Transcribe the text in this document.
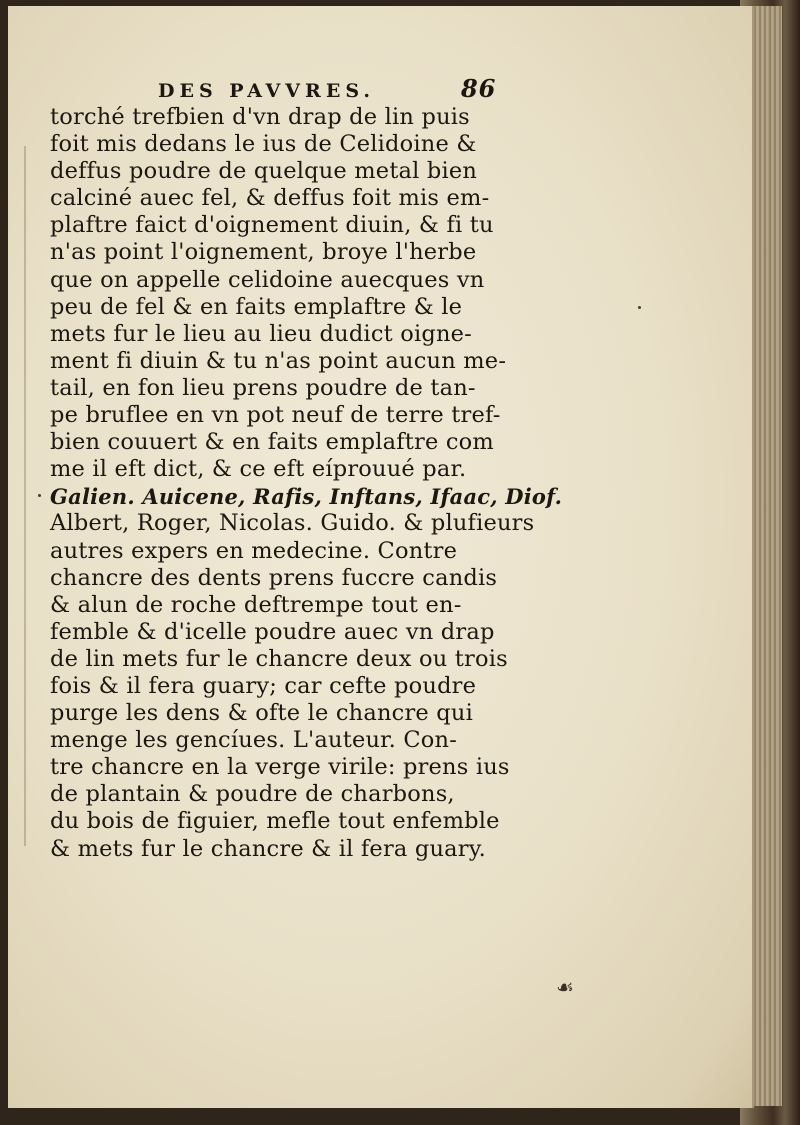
DES PAVVRES.	86
torché trefbien d'vn drap de lin puis
foit mis dedans le ius de Celidoine &
deffus poudre de quelque metal bien
calciné auec fel, & deffus foit mis em-
plaftre faict d'oignement diuin, & fi tu
n'as point l'oignement, broye l'herbe
que on appelle celidoine auecques vn
peu de fel & en faits emplaftre & le
mets fur le lieu au lieu dudict oigne-
ment fi diuin & tu n'as point aucun me-
tail, en fon lieu prens poudre de tan-
pe bruflee en vn pot neuf de terre tref-
bien couuert & en faits emplaftre com
me il eft dict, & ce eft eíprouué par.
Galien. Auicene, Rafis, Inftans, Ifaac, Diof.
Albert, Roger, Nicolas. Guido. & plufieurs
autres expers en medecine. Contre
chancre des dents prens fuccre candis
& alun de roche deftrempe tout en-
femble & d'icelle poudre auec vn drap
de lin mets fur le chancre deux ou trois
fois & il fera guary; car cefte poudre
purge les dens & ofte le chancre qui
menge les gencíues. L'auteur. Con-
tre chancre en la verge virile: prens ius
de plantain & poudre de charbons,
du bois de figuier, mefle tout enfemble
& mets fur le chancre & il fera guary.
☙
